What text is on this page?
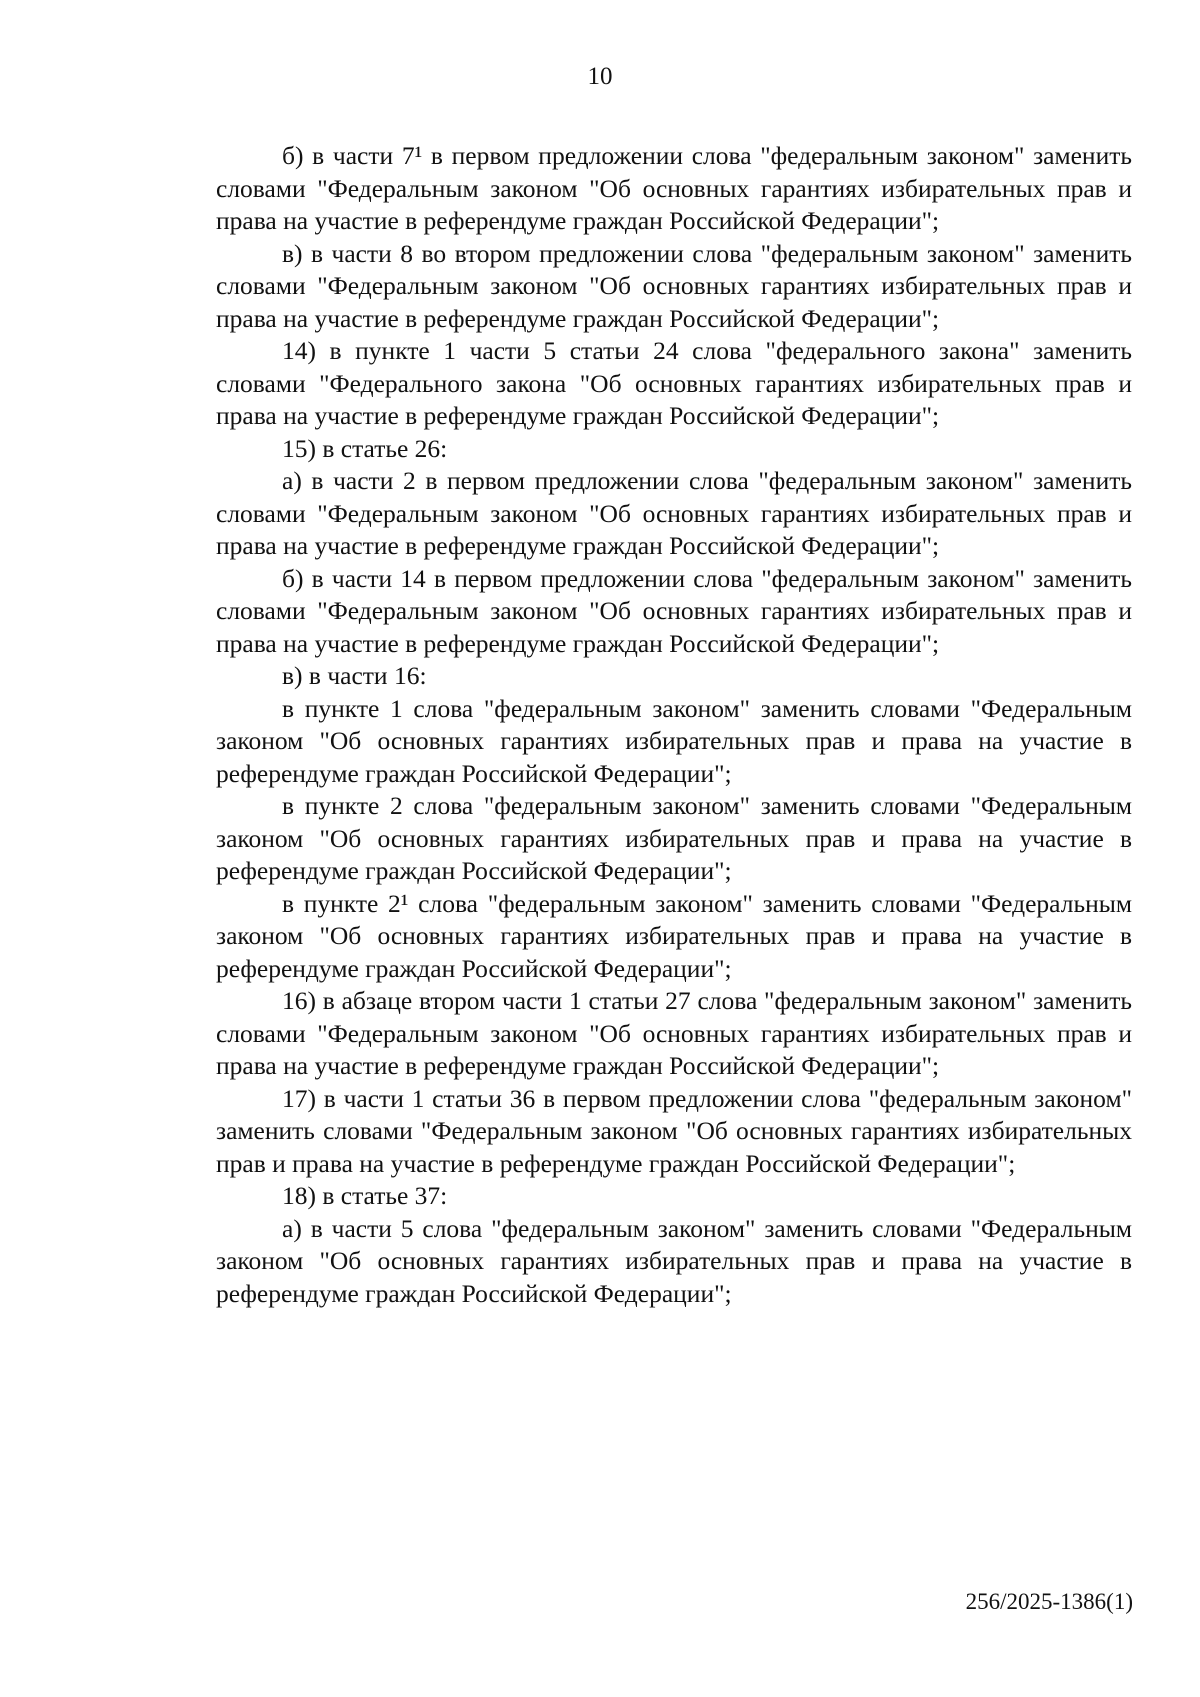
10

б) в части 7¹ в первом предложении слова "федеральным законом" заменить словами "Федеральным законом "Об основных гарантиях избирательных прав и права на участие в референдуме граждан Российской Федерации";

в) в части 8 во втором предложении слова "федеральным законом" заменить словами "Федеральным законом "Об основных гарантиях избирательных прав и права на участие в референдуме граждан Российской Федерации";

14) в пункте 1 части 5 статьи 24 слова "федерального закона" заменить словами "Федерального закона "Об основных гарантиях избирательных прав и права на участие в референдуме граждан Российской Федерации";

15) в статье 26:

а) в части 2 в первом предложении слова "федеральным законом" заменить словами "Федеральным законом "Об основных гарантиях избирательных прав и права на участие в референдуме граждан Российской Федерации";

б) в части 14 в первом предложении слова "федеральным законом" заменить словами "Федеральным законом "Об основных гарантиях избирательных прав и права на участие в референдуме граждан Российской Федерации";

в) в части 16:

в пункте 1 слова "федеральным законом" заменить словами "Федеральным законом "Об основных гарантиях избирательных прав и права на участие в референдуме граждан Российской Федерации";

в пункте 2 слова "федеральным законом" заменить словами "Федеральным законом "Об основных гарантиях избирательных прав и права на участие в референдуме граждан Российской Федерации";

в пункте 2¹ слова "федеральным законом" заменить словами "Федеральным законом "Об основных гарантиях избирательных прав и права на участие в референдуме граждан Российской Федерации";

16) в абзаце втором части 1 статьи 27 слова "федеральным законом" заменить словами "Федеральным законом "Об основных гарантиях избирательных прав и права на участие в референдуме граждан Российской Федерации";

17) в части 1 статьи 36 в первом предложении слова "федеральным законом" заменить словами "Федеральным законом "Об основных гарантиях избирательных прав и права на участие в референдуме граждан Российской Федерации";

18) в статье 37:

а) в части 5 слова "федеральным законом" заменить словами "Федеральным законом "Об основных гарантиях избирательных прав и права на участие в референдуме граждан Российской Федерации";

256/2025-1386(1)
